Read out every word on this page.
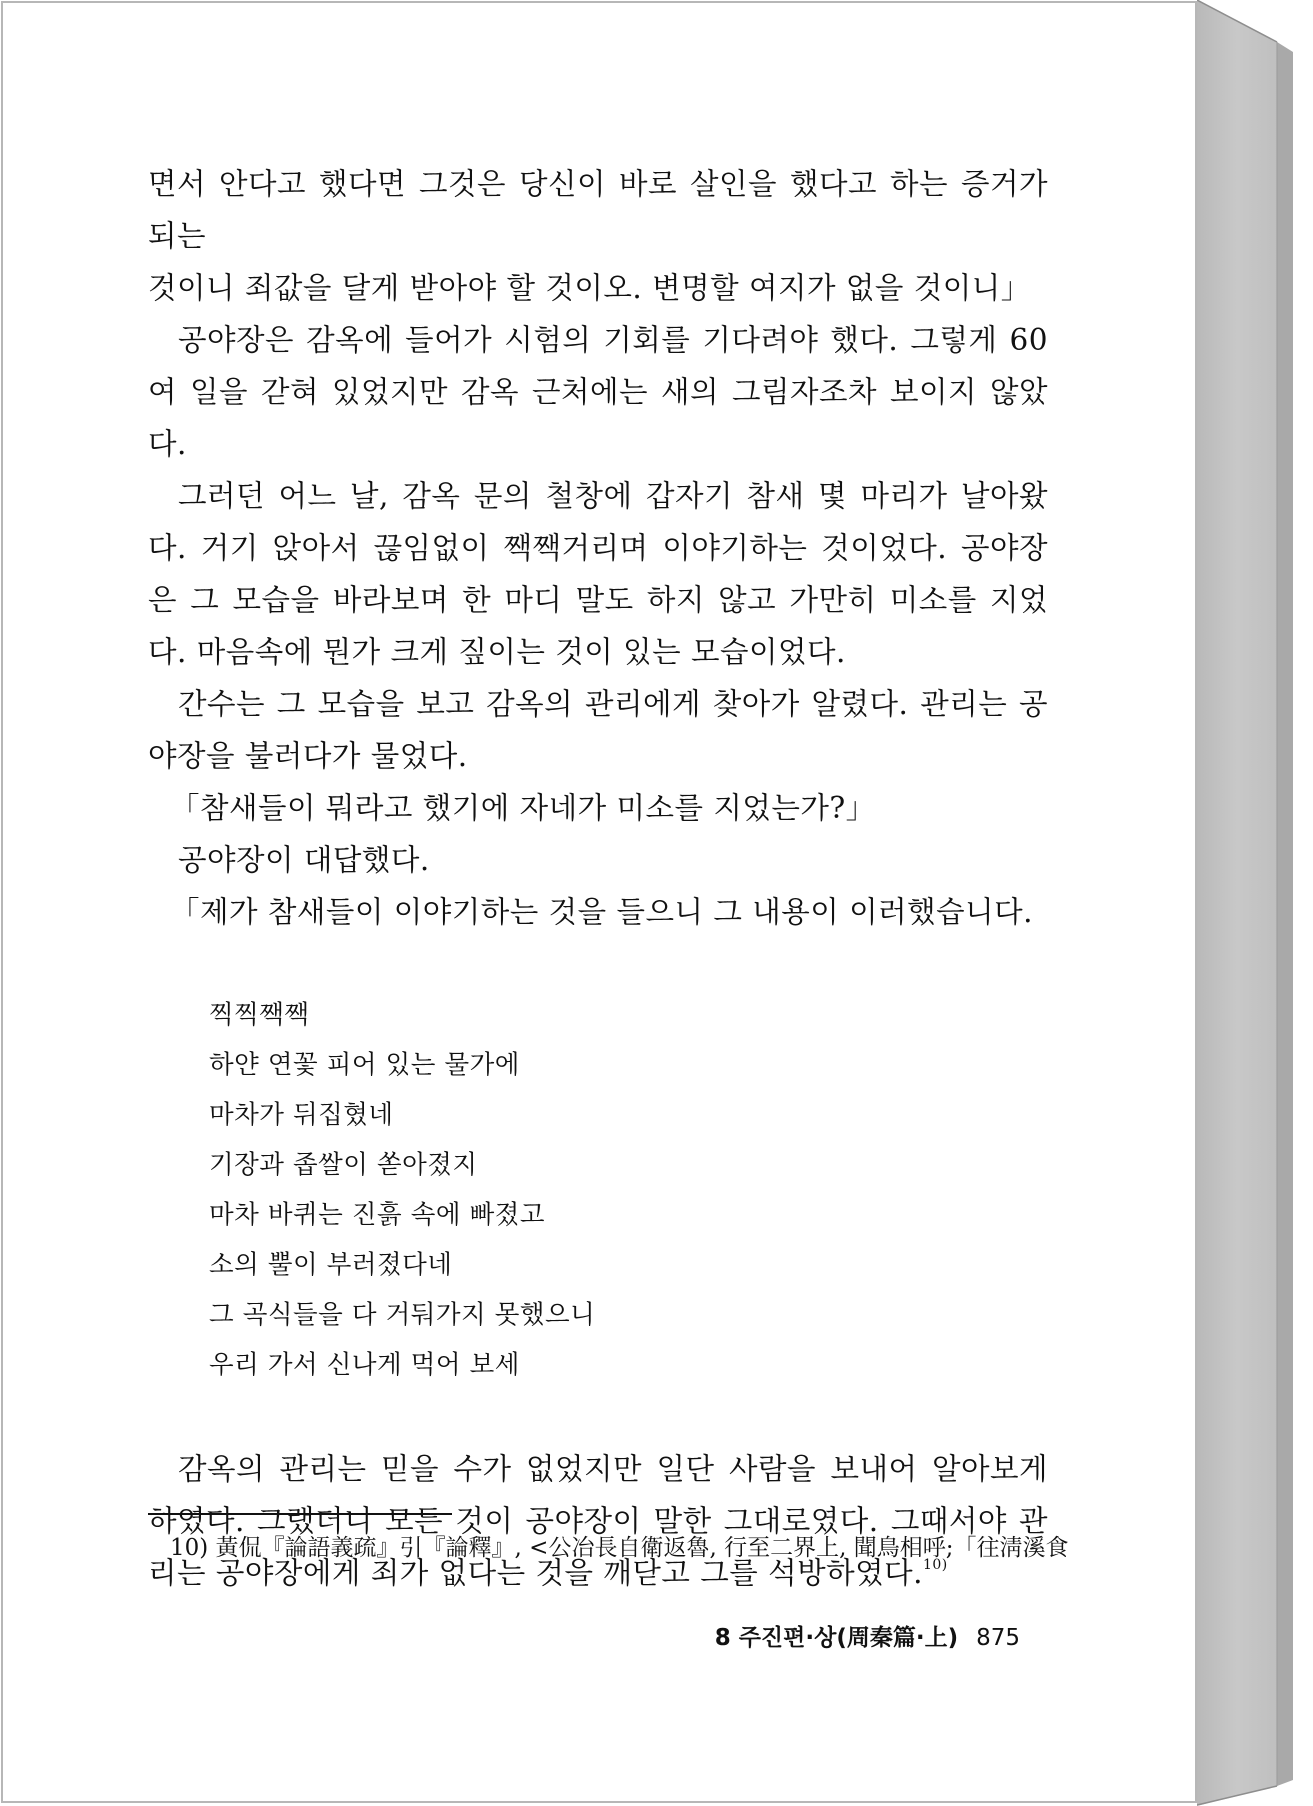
면서 안다고 했다면 그것은 당신이 바로 살인을 했다고 하는 증거가 되는
것이니 죄값을 달게 받아야 할 것이오. 변명할 여지가 없을 것이니」

공야장은 감옥에 들어가 시험의 기회를 기다려야 했다. 그렇게 60여 일을 갇혀 있었지만 감옥 근처에는 새의 그림자조차 보이지 않았다.

그러던 어느 날, 감옥 문의 철창에 갑자기 참새 몇 마리가 날아왔다. 거기 앉아서 끊임없이 짹짹거리며 이야기하는 것이었다. 공야장은 그 모습을 바라보며 한 마디 말도 하지 않고 가만히 미소를 지었다. 마음속에 뭔가 크게 짚이는 것이 있는 모습이었다.

간수는 그 모습을 보고 감옥의 관리에게 찾아가 알렸다. 관리는 공야장을 불러다가 물었다.

「참새들이 뭐라고 했기에 자네가 미소를 지었는가?」

공야장이 대답했다.

「제가 참새들이 이야기하는 것을 들으니 그 내용이 이러했습니다.

찍찍짹짹
하얀 연꽃 피어 있는 물가에
마차가 뒤집혔네
기장과 좁쌀이 쏟아졌지
마차 바퀴는 진흙 속에 빠졌고
소의 뿔이 부러졌다네
그 곡식들을 다 거둬가지 못했으니
우리 가서 신나게 먹어 보세

감옥의 관리는 믿을 수가 없었지만 일단 사람을 보내어 알아보게 하였다. 그랬더니 모든 것이 공야장이 말한 그대로였다. 그때서야 관리는 공야장에게 죄가 없다는 것을 깨닫고 그를 석방하였다.$^{10)}$

10) 黃侃『論語義疏』引『論釋』, <公冶長自衛返魯, 行至二界上, 聞鳥相呼;「往淸溪食
8 주진편·상(周秦篇·上) 875
